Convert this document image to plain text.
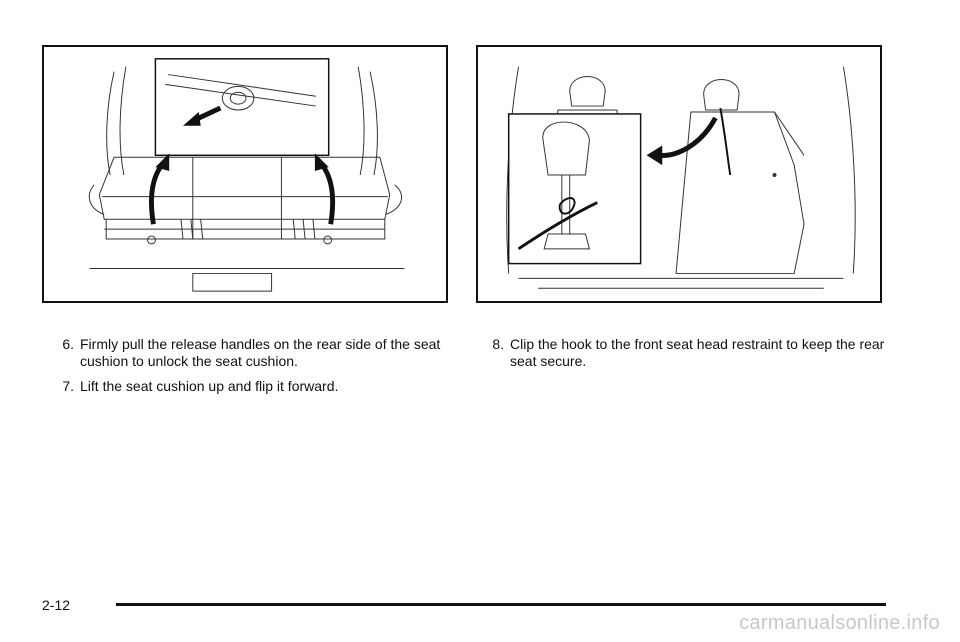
6. Firmly pull the release handles on the rear side of the seat cushion to unlock the seat cushion.
7. Lift the seat cushion up and flip it forward.
8. Clip the hook to the front seat head restraint to keep the rear seat secure.
2-12
carmanualsonline.info
